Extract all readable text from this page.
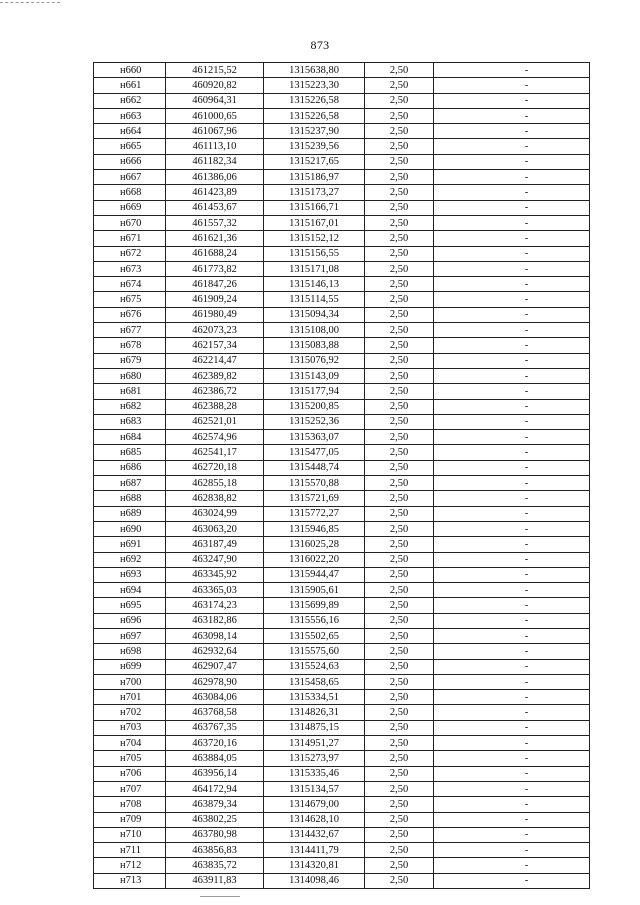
873
н660	461215,52	1315638,80	2,50	-
н661	460920,82	1315223,30	2,50	-
н662	460964,31	1315226,58	2,50	-
н663	461000,65	1315226,58	2,50	-
н664	461067,96	1315237,90	2,50	-
н665	461113,10	1315239,56	2,50	-
н666	461182,34	1315217,65	2,50	-
н667	461386,06	1315186,97	2,50	-
н668	461423,89	1315173,27	2,50	-
н669	461453,67	1315166,71	2,50	-
н670	461557,32	1315167,01	2,50	-
н671	461621,36	1315152,12	2,50	-
н672	461688,24	1315156,55	2,50	-
н673	461773,82	1315171,08	2,50	-
н674	461847,26	1315146,13	2,50	-
н675	461909,24	1315114,55	2,50	-
н676	461980,49	1315094,34	2,50	-
н677	462073,23	1315108,00	2,50	-
н678	462157,34	1315083,88	2,50	-
н679	462214,47	1315076,92	2,50	-
н680	462389,82	1315143,09	2,50	-
н681	462386,72	1315177,94	2,50	-
н682	462388,28	1315200,85	2,50	-
н683	462521,01	1315252,36	2,50	-
н684	462574,96	1315363,07	2,50	-
н685	462541,17	1315477,05	2,50	-
н686	462720,18	1315448,74	2,50	-
н687	462855,18	1315570,88	2,50	-
н688	462838,82	1315721,69	2,50	-
н689	463024,99	1315772,27	2,50	-
н690	463063,20	1315946,85	2,50	-
н691	463187,49	1316025,28	2,50	-
н692	463247,90	1316022,20	2,50	-
н693	463345,92	1315944,47	2,50	-
н694	463365,03	1315905,61	2,50	-
н695	463174,23	1315699,89	2,50	-
н696	463182,86	1315556,16	2,50	-
н697	463098,14	1315502,65	2,50	-
н698	462932,64	1315575,60	2,50	-
н699	462907,47	1315524,63	2,50	-
н700	462978,90	1315458,65	2,50	-
н701	463084,06	1315334,51	2,50	-
н702	463768,58	1314826,31	2,50	-
н703	463767,35	1314875,15	2,50	-
н704	463720,16	1314951,27	2,50	-
н705	463884,05	1315273,97	2,50	-
н706	463956,14	1315335,46	2,50	-
н707	464172,94	1315134,57	2,50	-
н708	463879,34	1314679,00	2,50	-
н709	463802,25	1314628,10	2,50	-
н710	463780,98	1314432,67	2,50	-
н711	463856,83	1314411,79	2,50	-
н712	463835,72	1314320,81	2,50	-
н713	463911,83	1314098,46	2,50	-
